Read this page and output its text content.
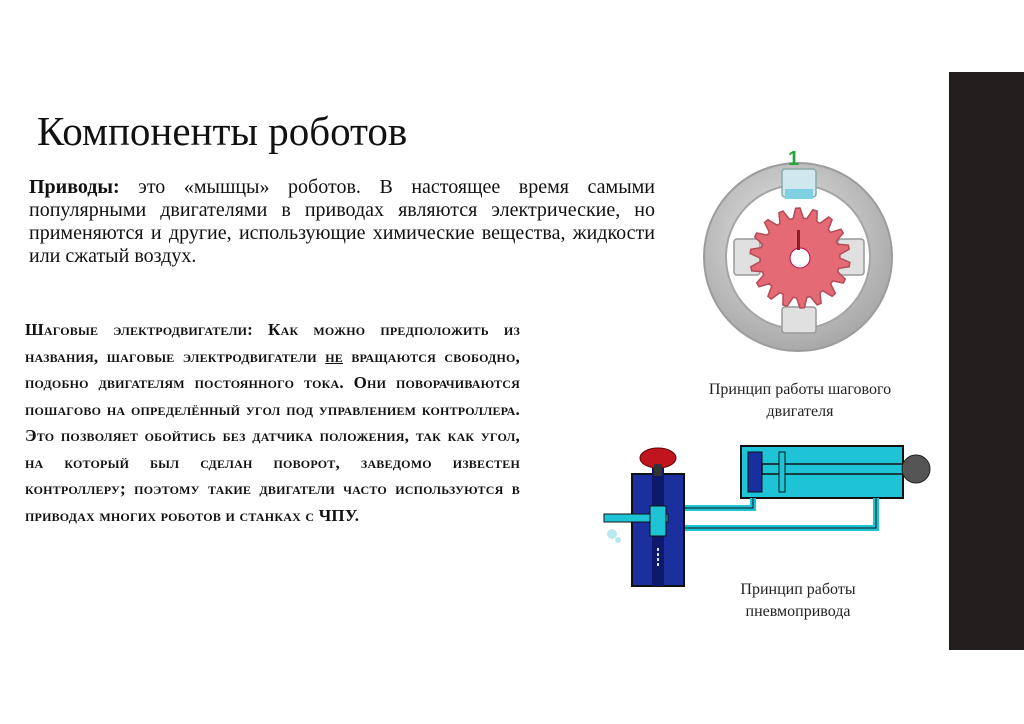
Компоненты роботов

Приводы: это «мышцы» роботов. В настоящее время самыми популярными двигателями в приводах являются электрические, но применяются и другие, использующие химические вещества, жидкости или сжатый воздух.

Шаговые электродвигатели: Как можно предположить из названия, шаговые электродвигатели не вращаются свободно, подобно двигателям постоянного тока. Они поворачиваются пошагово на определённый угол под управлением контроллера. Это позволяет обойтись без датчика положения, так как угол, на который был сделан поворот, заведомо известен контроллеру; поэтому такие двигатели часто используются в приводах многих роботов и станках с ЧПУ.

1
Принцип работы шагового
двигателя
Принцип работы
пневмопривода
